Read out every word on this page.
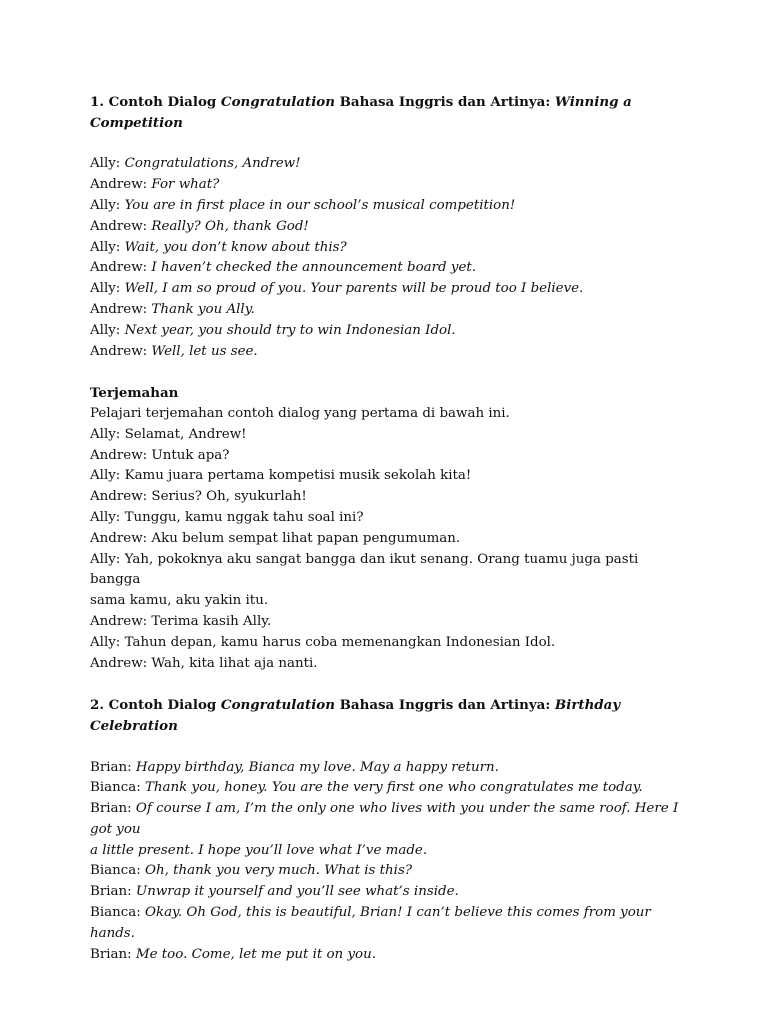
1. Contoh Dialog Congratulation Bahasa Inggris dan Artinya: Winning a Competition

Ally: Congratulations, Andrew!

Andrew: For what?

Ally: You are in first place in our school’s musical competition!

Andrew: Really? Oh, thank God!

Ally: Wait, you don’t know about this?

Andrew: I haven’t checked the announcement board yet.

Ally: Well, I am so proud of you. Your parents will be proud too I believe.

Andrew: Thank you Ally.

Ally: Next year, you should try to win Indonesian Idol.

Andrew: Well, let us see.

Terjemahan

Pelajari terjemahan contoh dialog yang pertama di bawah ini.

Ally: Selamat, Andrew!

Andrew: Untuk apa?

Ally: Kamu juara pertama kompetisi musik sekolah kita!

Andrew: Serius? Oh, syukurlah!

Ally: Tunggu, kamu nggak tahu soal ini?

Andrew: Aku belum sempat lihat papan pengumuman.

Ally: Yah, pokoknya aku sangat bangga dan ikut senang. Orang tuamu juga pasti bangga

sama kamu, aku yakin itu.

Andrew: Terima kasih Ally.

Ally: Tahun depan, kamu harus coba memenangkan Indonesian Idol.

Andrew: Wah, kita lihat aja nanti.

2. Contoh Dialog Congratulation Bahasa Inggris dan Artinya: Birthday Celebration

Brian: Happy birthday, Bianca my love. May a happy return.

Bianca: Thank you, honey. You are the very first one who congratulates me today.

Brian: Of course I am, I’m the only one who lives with you under the same roof. Here I got you

a little present. I hope you’ll love what I’ve made.

Bianca: Oh, thank you very much. What is this?

Brian: Unwrap it yourself and you’ll see what’s inside.

Bianca: Okay. Oh God, this is beautiful, Brian! I can’t believe this comes from your hands.

Brian: Me too. Come, let me put it on you.
